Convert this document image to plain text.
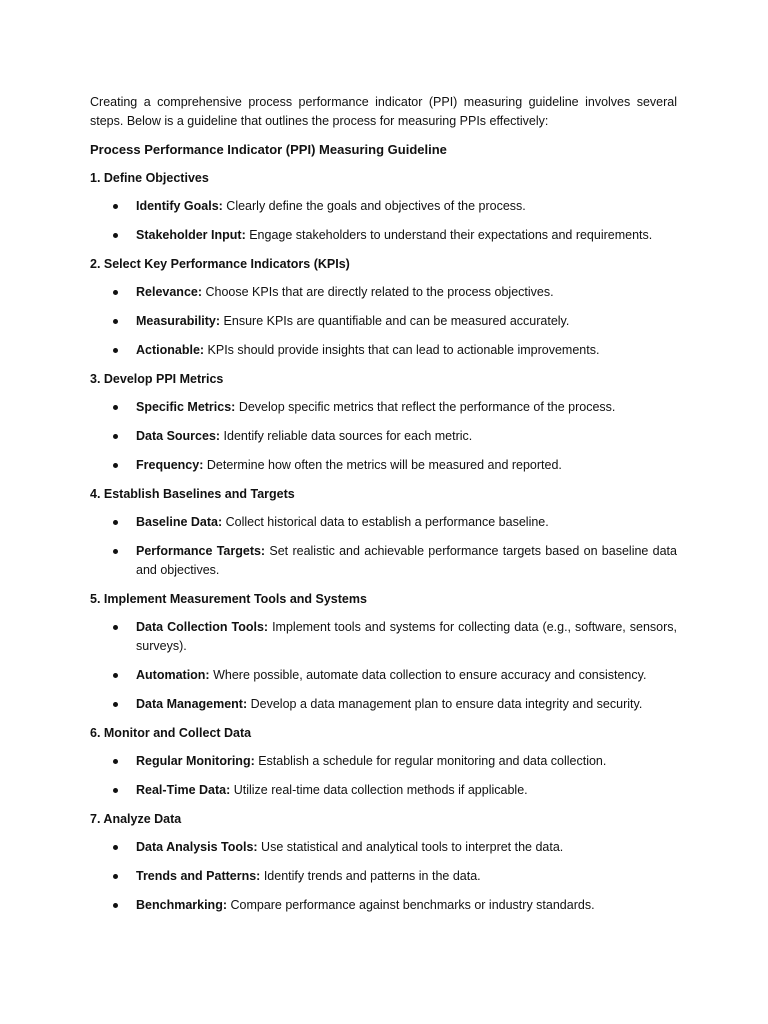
Creating a comprehensive process performance indicator (PPI) measuring guideline involves several steps. Below is a guideline that outlines the process for measuring PPIs effectively:

Process Performance Indicator (PPI) Measuring Guideline
1. Define Objectives
Identify Goals: Clearly define the goals and objectives of the process.
Stakeholder Input: Engage stakeholders to understand their expectations and requirements.
2. Select Key Performance Indicators (KPIs)
Relevance: Choose KPIs that are directly related to the process objectives.
Measurability: Ensure KPIs are quantifiable and can be measured accurately.
Actionable: KPIs should provide insights that can lead to actionable improvements.
3. Develop PPI Metrics
Specific Metrics: Develop specific metrics that reflect the performance of the process.
Data Sources: Identify reliable data sources for each metric.
Frequency: Determine how often the metrics will be measured and reported.
4. Establish Baselines and Targets
Baseline Data: Collect historical data to establish a performance baseline.
Performance Targets: Set realistic and achievable performance targets based on baseline data and objectives.
5. Implement Measurement Tools and Systems
Data Collection Tools: Implement tools and systems for collecting data (e.g., software, sensors, surveys).
Automation: Where possible, automate data collection to ensure accuracy and consistency.
Data Management: Develop a data management plan to ensure data integrity and security.
6. Monitor and Collect Data
Regular Monitoring: Establish a schedule for regular monitoring and data collection.
Real-Time Data: Utilize real-time data collection methods if applicable.
7. Analyze Data
Data Analysis Tools: Use statistical and analytical tools to interpret the data.
Trends and Patterns: Identify trends and patterns in the data.
Benchmarking: Compare performance against benchmarks or industry standards.
